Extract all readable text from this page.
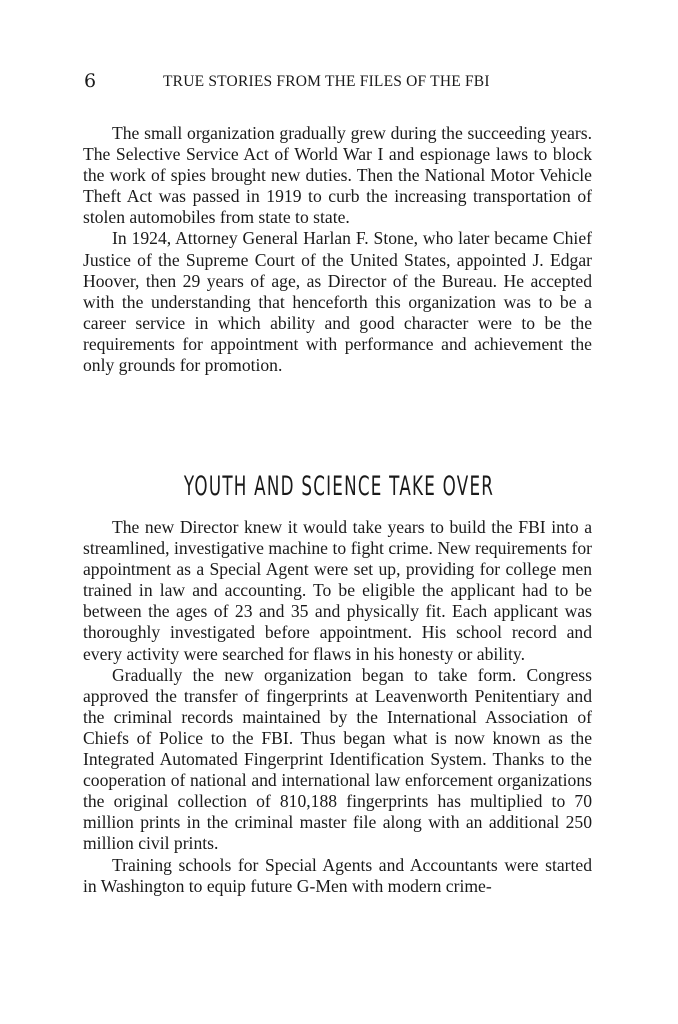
6	TRUE STORIES FROM THE FILES OF THE FBI

The small organization gradually grew during the succeeding years. The Selective Service Act of World War I and espionage laws to block the work of spies brought new duties. Then the National Motor Vehicle Theft Act was passed in 1919 to curb the increasing transportation of stolen automobiles from state to state.

In 1924, Attorney General Harlan F. Stone, who later became Chief Justice of the Supreme Court of the United States, appointed J. Edgar Hoover, then 29 years of age, as Director of the Bureau. He accepted with the understanding that henceforth this organization was to be a career service in which ability and good character were to be the requirements for appointment with performance and achievement the only grounds for promotion.

YOUTH AND SCIENCE TAKE OVER

The new Director knew it would take years to build the FBI into a streamlined, investigative machine to fight crime. New requirements for appointment as a Special Agent were set up, providing for college men trained in law and accounting. To be eligible the applicant had to be between the ages of 23 and 35 and physically fit. Each applicant was thoroughly investigated before appointment. His school record and every activity were searched for flaws in his honesty or ability.

Gradually the new organization began to take form. Congress approved the transfer of fingerprints at Leavenworth Penitentiary and the criminal records maintained by the International Association of Chiefs of Police to the FBI. Thus began what is now known as the Integrated Automated Fingerprint Identification System. Thanks to the cooperation of national and international law enforcement organizations the original collection of 810,188 fingerprints has multiplied to 70 million prints in the criminal master file along with an additional 250 million civil prints.

Training schools for Special Agents and Accountants were started in Washington to equip future G-Men with modern crime-
